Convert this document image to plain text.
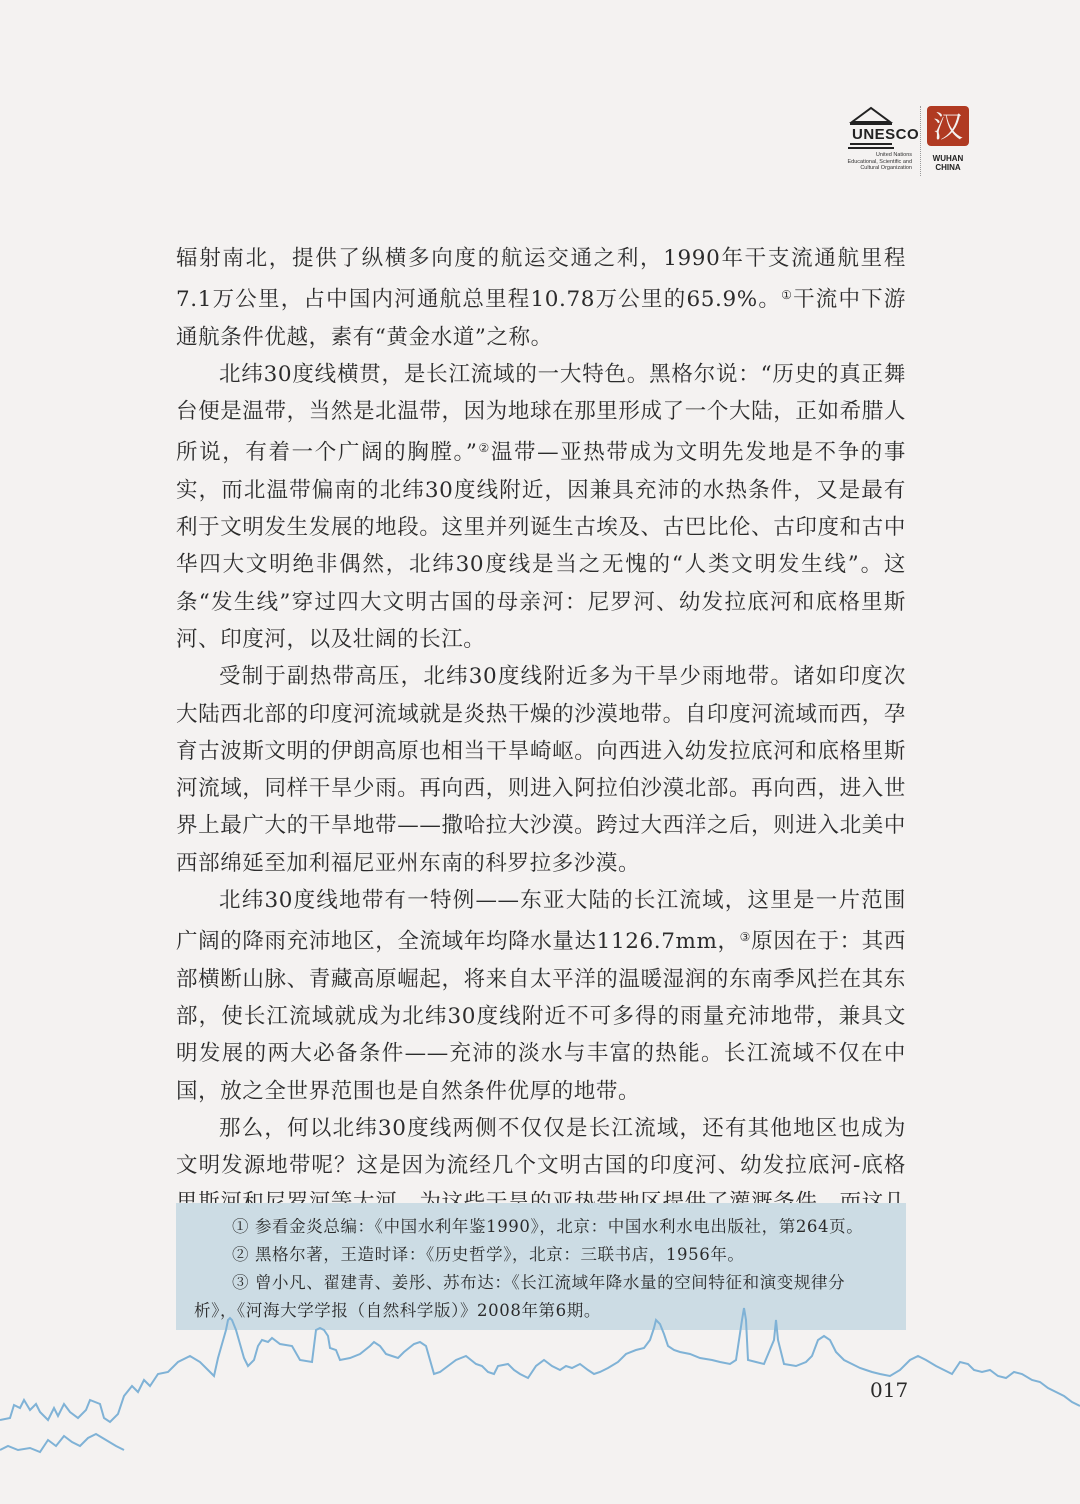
UNESCO
United Nations
Educational, Scientific and
Cultural Organization
汉
WUHAN
CHINA

辐射南北，提供了纵横多向度的航运交通之利，1990年干支流通航里程7.1万公里，占中国内河通航总里程10.78万公里的65.9%。①干流中下游通航条件优越，素有“黄金水道”之称。

北纬30度线横贯，是长江流域的一大特色。黑格尔说：“历史的真正舞台便是温带，当然是北温带，因为地球在那里形成了一个大陆，正如希腊人所说，有着一个广阔的胸膛。”②温带—亚热带成为文明先发地是不争的事实，而北温带偏南的北纬30度线附近，因兼具充沛的水热条件，又是最有利于文明发生发展的地段。这里并列诞生古埃及、古巴比伦、古印度和古中华四大文明绝非偶然，北纬30度线是当之无愧的“人类文明发生线”。这条“发生线”穿过四大文明古国的母亲河：尼罗河、幼发拉底河和底格里斯河、印度河，以及壮阔的长江。

受制于副热带高压，北纬30度线附近多为干旱少雨地带。诸如印度次大陆西北部的印度河流域就是炎热干燥的沙漠地带。自印度河流域而西，孕育古波斯文明的伊朗高原也相当干旱崎岖。向西进入幼发拉底河和底格里斯河流域，同样干旱少雨。再向西，则进入阿拉伯沙漠北部。再向西，进入世界上最广大的干旱地带——撒哈拉大沙漠。跨过大西洋之后，则进入北美中西部绵延至加利福尼亚州东南的科罗拉多沙漠。

北纬30度线地带有一特例——东亚大陆的长江流域，这里是一片范围广阔的降雨充沛地区，全流域年均降水量达1126.7mm，③原因在于：其西部横断山脉、青藏高原崛起，将来自太平洋的温暖湿润的东南季风拦在其东部，使长江流域就成为北纬30度线附近不可多得的雨量充沛地带，兼具文明发展的两大必备条件——充沛的淡水与丰富的热能。长江流域不仅在中国，放之全世界范围也是自然条件优厚的地带。

那么，何以北纬30度线两侧不仅仅是长江流域，还有其他地区也成为文明发源地带呢？这是因为流经几个文明古国的印度河、幼发拉底河-底格

① 参看金炎总编：《中国水利年鉴1990》，北京：中国水利水电出版社，第264页。

② 黑格尔著，王造时译：《历史哲学》，北京：三联书店，1956年。

③ 曾小凡、翟建青、姜彤、苏布达：《长江流域年降水量的空间特征和演变规律分析》，《河海大学学报（自然科学版）》2008年第6期。

017
